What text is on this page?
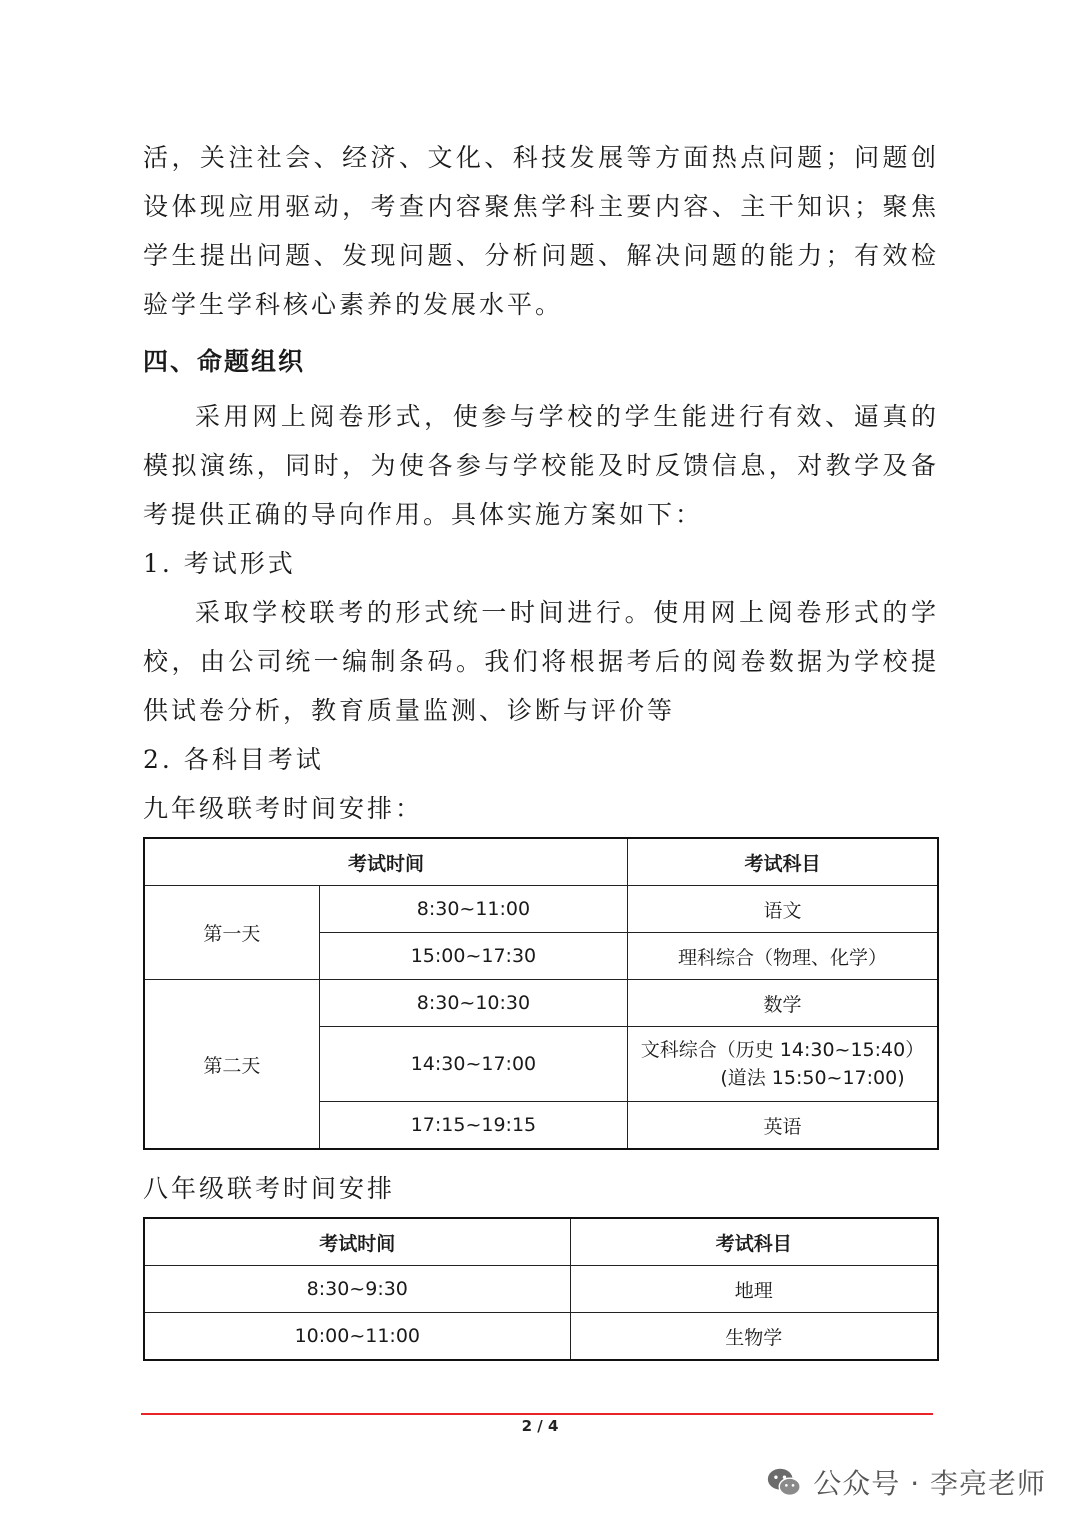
活，关注社会、经济、文化、科技发展等方面热点问题；问题创设体现应用驱动，考查内容聚焦学科主要内容、主干知识；聚焦学生提出问题、发现问题、分析问题、解决问题的能力；有效检验学生学科核心素养的发展水平。

四、命题组织

采用网上阅卷形式，使参与学校的学生能进行有效、逼真的模拟演练，同时，为使各参与学校能及时反馈信息，对教学及备考提供正确的导向作用。具体实施方案如下：

1. 考试形式

采取学校联考的形式统一时间进行。使用网上阅卷形式的学校，由公司统一编制条码。我们将根据考后的阅卷数据为学校提供试卷分析，教育质量监测、诊断与评价等

2. 各科目考试

九年级联考时间安排：

考试时间		考试科目
第一天	8:30~11:00	语文
	15:00~17:30	理科综合（物理、化学）
第二天	8:30~10:30	数学
	14:30~17:00	文科综合（历史 14:30~15:40）
(道法 15:50~17:00)

	17:15~19:15	英语

八年级联考时间安排

考试时间	考试科目
8:30~9:30	地理
10:00~11:00	生物学
2 / 4
公众号 · 李亮老师
